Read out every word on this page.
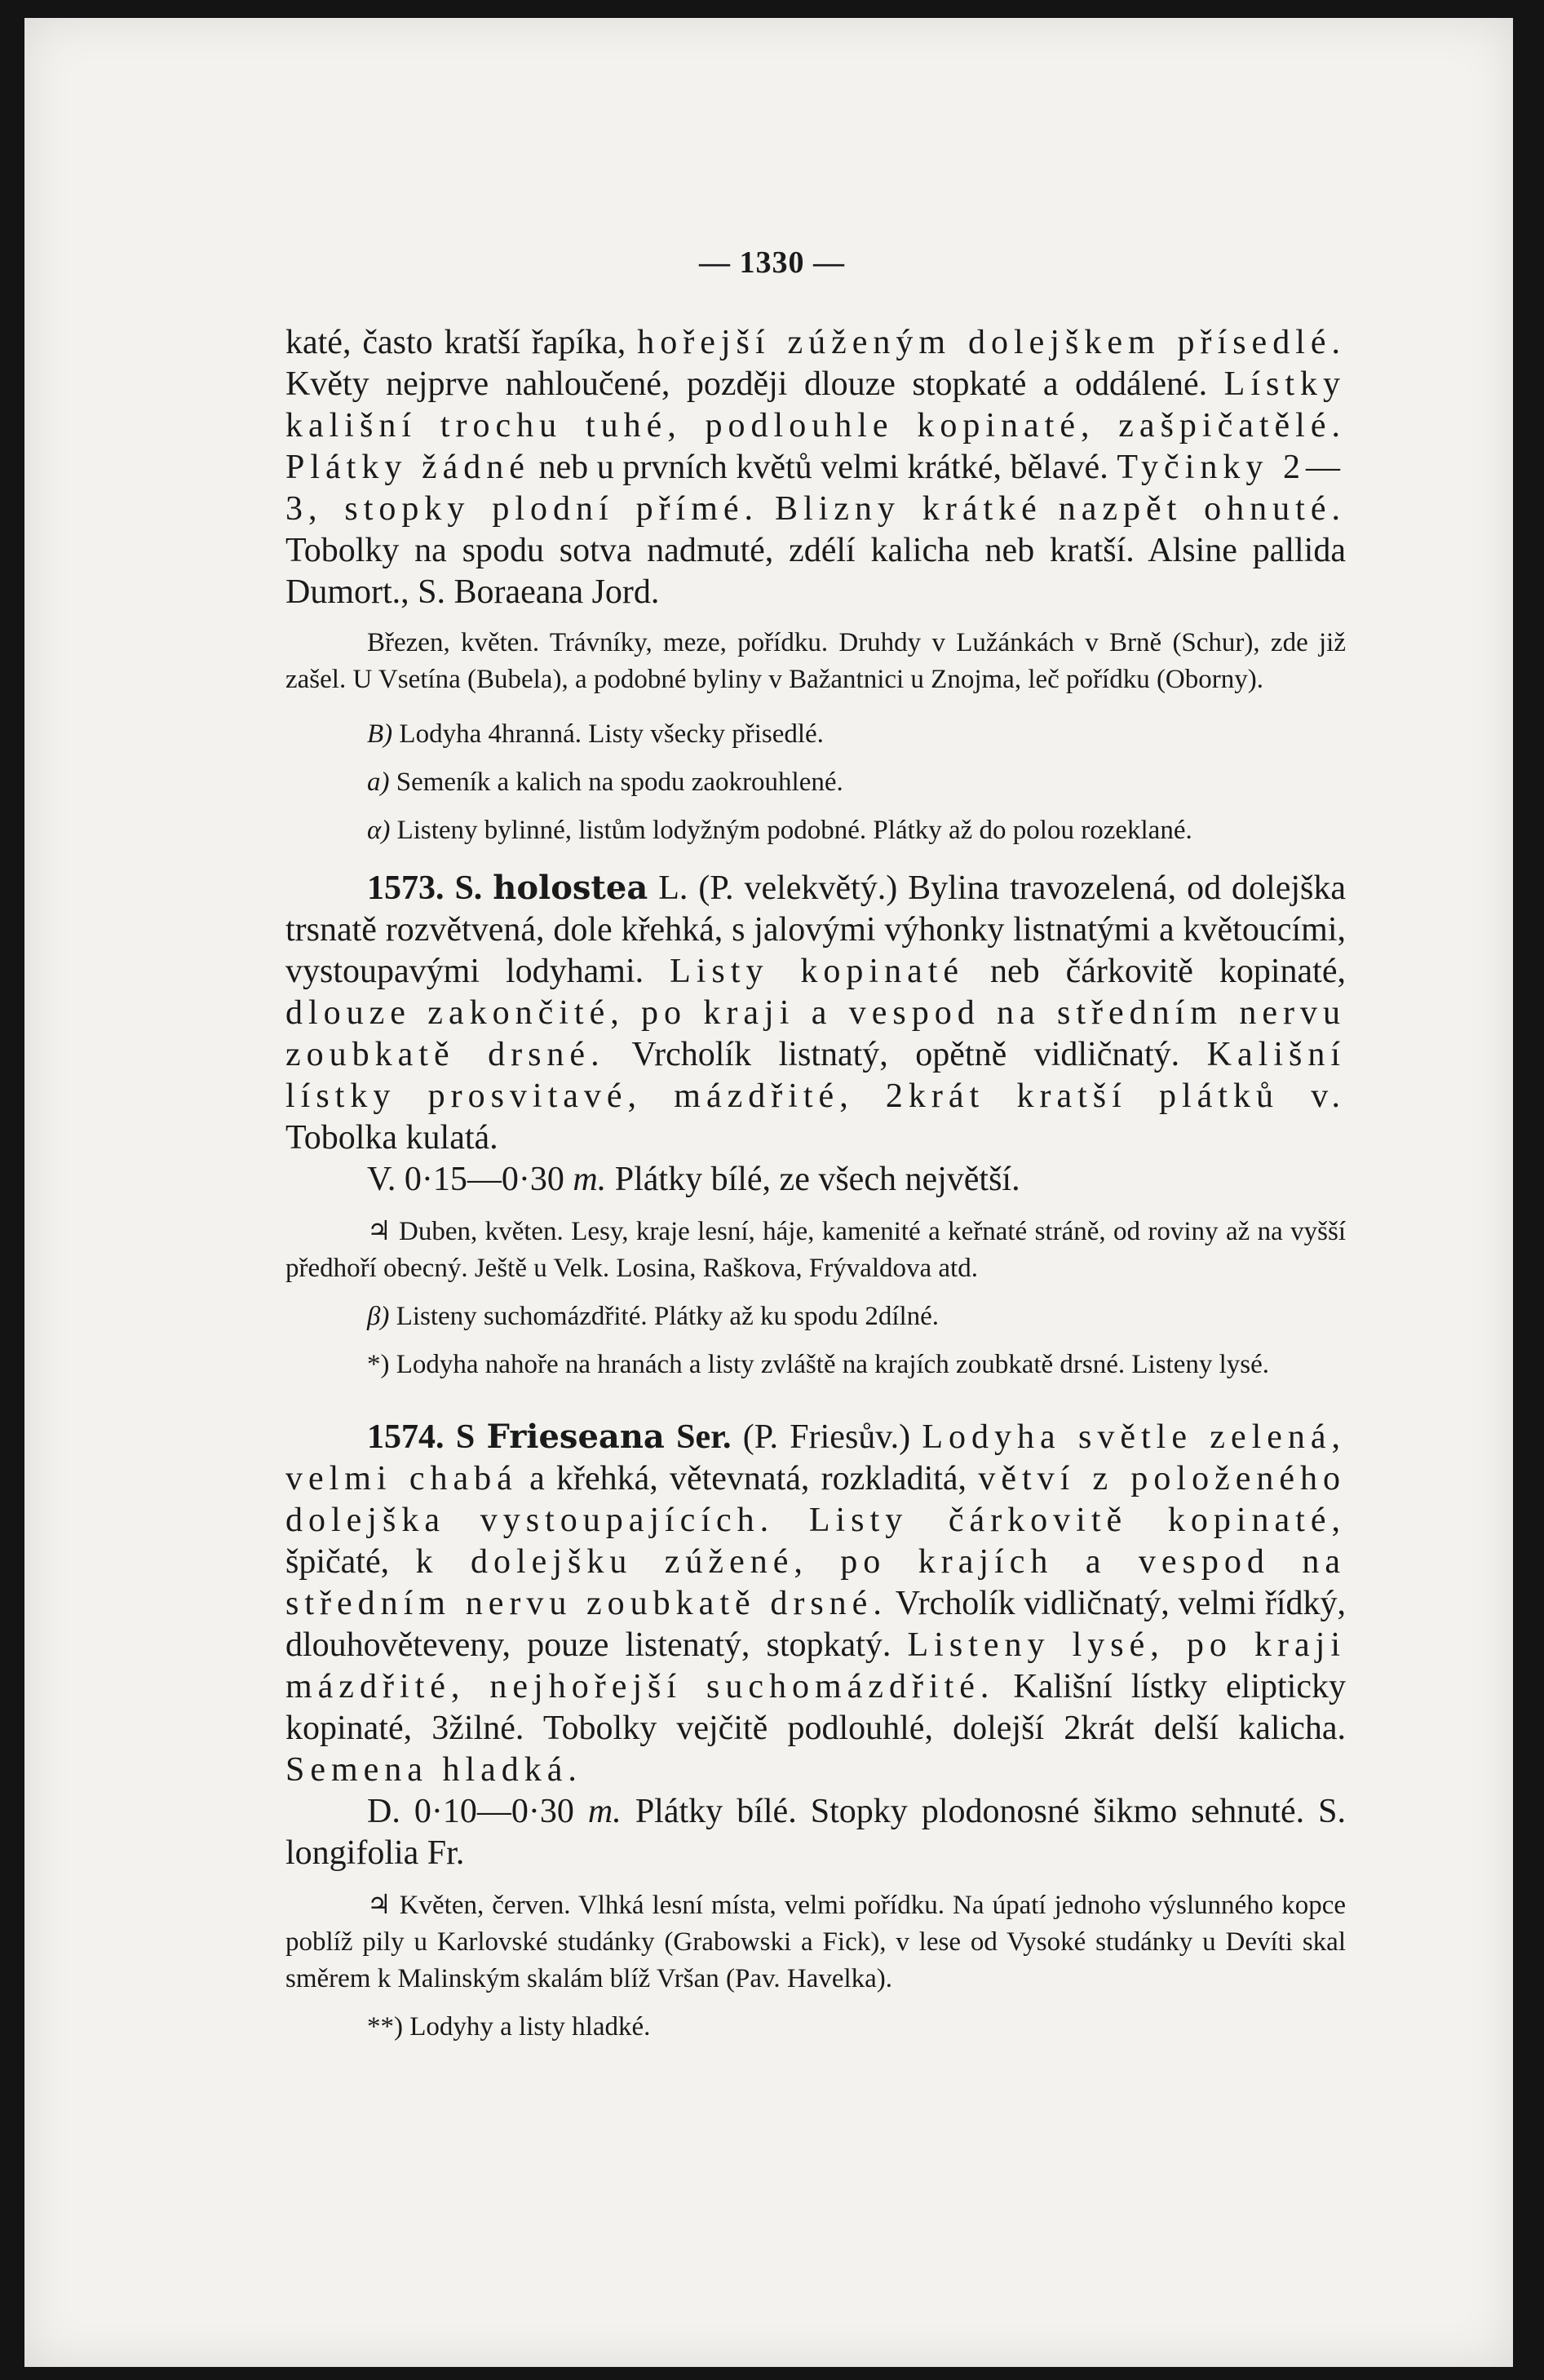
— 1330 —

katé, často kratší řapíka, hořejší zúženým dolejškem přísedlé. Květy nejprve nahloučené, později dlouze stopkaté a oddálené. Lístky kališní trochu tuhé, podlouhle kopinaté, zašpičatělé. Plátky žádné neb u prvních květů velmi krátké, bělavé. Tyčinky 2—3, stopky plodní přímé. Blizny krátké nazpět ohnuté. Tobolky na spodu sotva nadmuté, zdélí kalicha neb kratší. Alsine pallida Dumort., S. Boraeana Jord.

Březen, květen. Trávníky, meze, pořídku. Druhdy v Lužánkách v Brně (Schur), zde již zašel. U Vsetína (Bubela), a podobné byliny v Bažantnici u Znojma, leč pořídku (Oborny).

B) Lodyha 4hranná. Listy všecky přisedlé.

a) Semeník a kalich na spodu zaokrouhlené.

α) Listeny bylinné, listům lodyžným podobné. Plátky až do polou rozeklané.

1573. S. holostea L. (P. velekvětý.) Bylina travozelená, od dolejška trsnatě rozvětvená, dole křehká, s jalovými výhonky listnatými a květoucími, vystoupavými lodyhami. Listy kopinaté neb čárkovitě kopinaté, dlouze zakončité, po kraji a vespod na středním nervu zoubkatě drsné. Vrcholík listnatý, opětně vidličnatý. Kališní lístky prosvitavé, mázdřité, 2krát kratší plátků v. Tobolka kulatá.

V. 0·15—0·30 m. Plátky bílé, ze všech největší.

♃ Duben, květen. Lesy, kraje lesní, háje, kamenité a keřnaté stráně, od roviny až na vyšší předhoří obecný. Ještě u Velk. Losina, Raškova, Frývaldova atd.

β) Listeny suchomázdřité. Plátky až ku spodu 2dílné.

*) Lodyha nahoře na hranách a listy zvláště na krajích zoubkatě drsné. Listeny lysé.

1574. S Frieseana Ser. (P. Friesův.) Lodyha světle zelená, velmi chabá a křehká, větevnatá, rozkladitá, větví z položeného dolejška vystoupajících. Listy čárkovitě kopinaté, špičaté, k dolejšku zúžené, po krajích a vespod na středním nervu zoubkatě drsné. Vrcholík vidličnatý, velmi řídký, dlouhověteveny, pouze listenatý, stopkatý. Listeny lysé, po kraji mázdřité, nejhořejší suchomázdřité. Kališní lístky elipticky kopinaté, 3žilné. Tobolky vejčitě podlouhlé, dolejší 2krát delší kalicha. Semena hladká.

D. 0·10—0·30 m. Plátky bílé. Stopky plodonosné šikmo sehnuté. S. longifolia Fr.

♃ Květen, červen. Vlhká lesní místa, velmi pořídku. Na úpatí jednoho výslunného kopce poblíž pily u Karlovské studánky (Grabowski a Fick), v lese od Vysoké studánky u Devíti skal směrem k Malinským skalám blíž Vršan (Pav. Havelka).

**) Lodyhy a listy hladké.
